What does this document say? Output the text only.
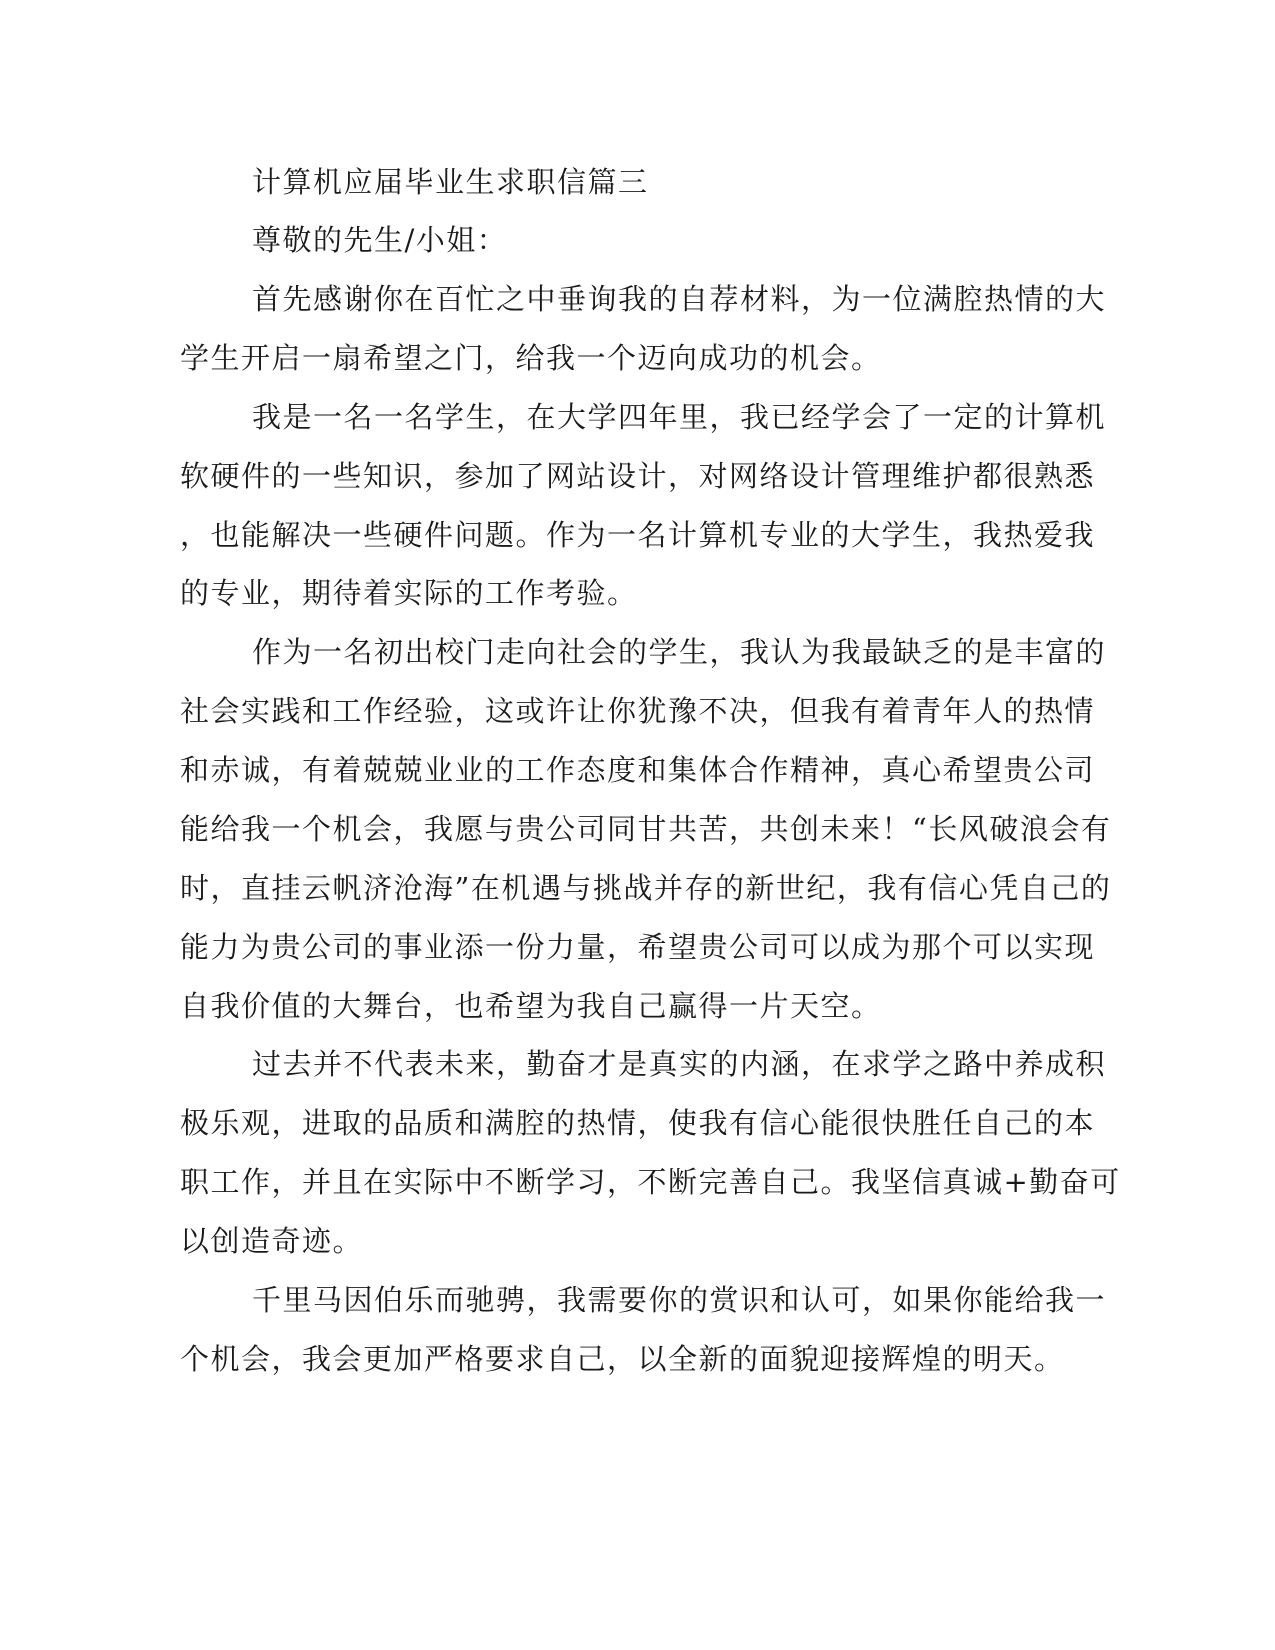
计算机应届毕业生求职信篇三
尊敬的先生/小姐：
首先感谢你在百忙之中垂询我的自荐材料，为一位满腔热情的大
学生开启一扇希望之门，给我一个迈向成功的机会。
我是一名一名学生，在大学四年里，我已经学会了一定的计算机
软硬件的一些知识，参加了网站设计，对网络设计管理维护都很熟悉
，也能解决一些硬件问题。作为一名计算机专业的大学生，我热爱我
的专业，期待着实际的工作考验。
作为一名初出校门走向社会的学生，我认为我最缺乏的是丰富的
社会实践和工作经验，这或许让你犹豫不决，但我有着青年人的热情
和赤诚，有着兢兢业业的工作态度和集体合作精神，真心希望贵公司
能给我一个机会，我愿与贵公司同甘共苦，共创未来！“长风破浪会有
时，直挂云帆济沧海”在机遇与挑战并存的新世纪，我有信心凭自己的
能力为贵公司的事业添一份力量，希望贵公司可以成为那个可以实现
自我价值的大舞台，也希望为我自己赢得一片天空。
过去并不代表未来，勤奋才是真实的内涵，在求学之路中养成积
极乐观，进取的品质和满腔的热情，使我有信心能很快胜任自己的本
职工作，并且在实际中不断学习，不断完善自己。我坚信真诚+勤奋可
以创造奇迹。
千里马因伯乐而驰骋，我需要你的赏识和认可，如果你能给我一
个机会，我会更加严格要求自己，以全新的面貌迎接辉煌的明天。
